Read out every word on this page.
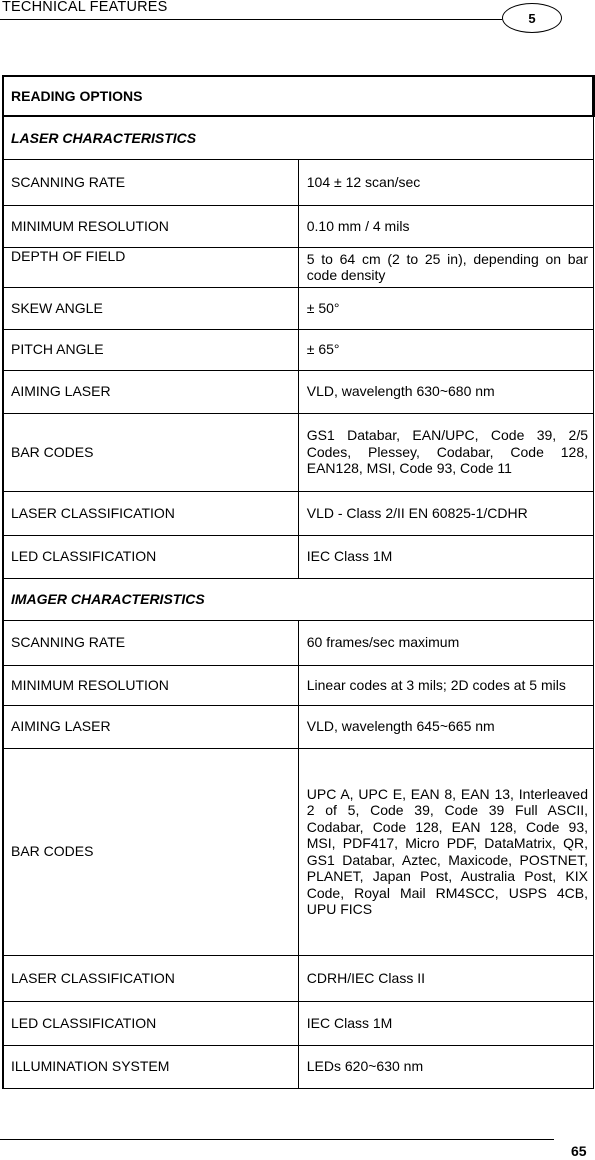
TECHNICAL FEATURES
5
READING OPTIONS	
LASER CHARACTERISTICS	
SCANNING RATE	104 ± 12 scan/sec
MINIMUM RESOLUTION	0.10 mm / 4 mils
DEPTH OF FIELD	5 to 64 cm (2 to 25 in), depending on bar code density
SKEW ANGLE	± 50°
PITCH ANGLE	± 65°
AIMING LASER	VLD, wavelength 630~680 nm
BAR CODES	GS1 Databar, EAN/UPC, Code 39, 2/5 Codes, Plessey, Codabar, Code 128, EAN128, MSI, Code 93, Code 11
LASER CLASSIFICATION	VLD - Class 2/II EN 60825-1/CDHR
LED CLASSIFICATION	IEC Class 1M
IMAGER CHARACTERISTICS	
SCANNING RATE	60 frames/sec maximum
MINIMUM RESOLUTION	Linear codes at 3 mils; 2D codes at 5 mils
AIMING LASER	VLD, wavelength 645~665 nm
BAR CODES	UPC A, UPC E, EAN 8, EAN 13, Interleaved 2 of 5, Code 39, Code 39 Full ASCII, Codabar, Code 128, EAN 128, Code 93, MSI, PDF417, Micro PDF, DataMatrix, QR, GS1 Databar, Aztec, Maxicode, POSTNET, PLANET, Japan Post, Australia Post, KIX Code, Royal Mail RM4SCC, USPS 4CB, UPU FICS
LASER CLASSIFICATION	CDRH/IEC Class II
LED CLASSIFICATION	IEC Class 1M
ILLUMINATION SYSTEM	LEDs 620~630 nm
65
